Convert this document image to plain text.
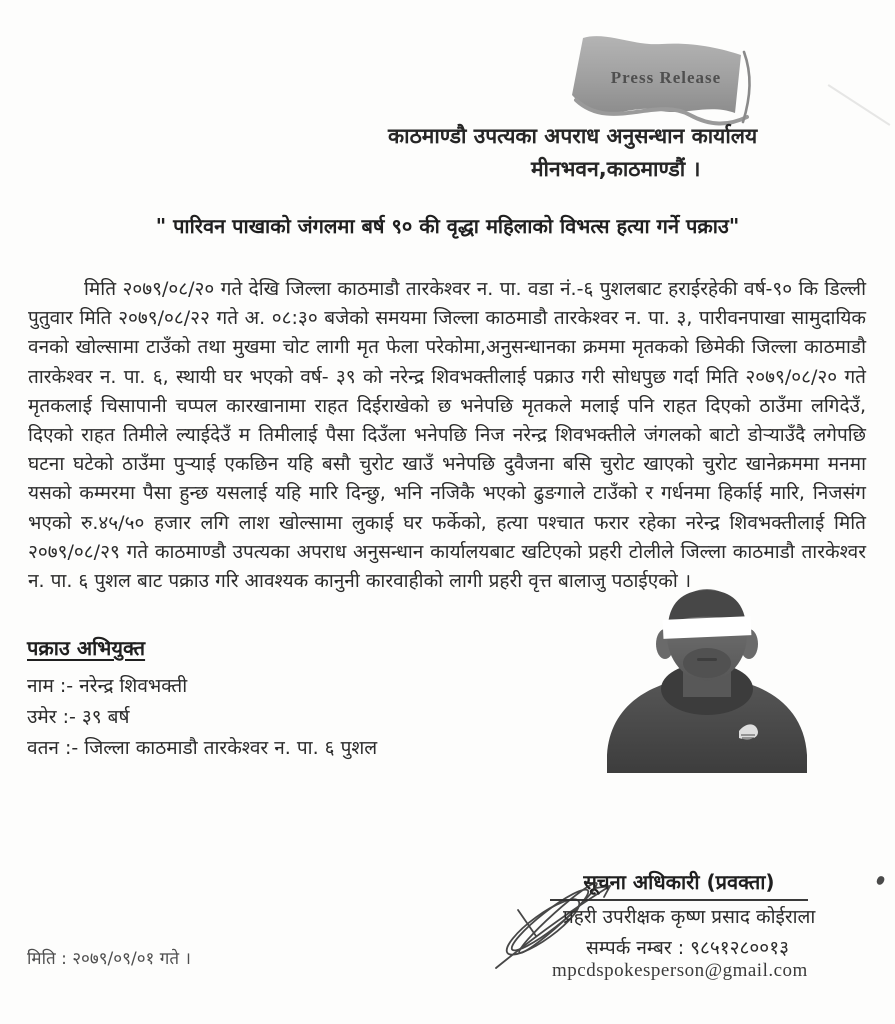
Press Release
काठमाण्डौ उपत्यका अपराध अनुसन्धान कार्यालय
मीनभवन,काठमाण्डौं ।
" पारिवन पाखाको जंगलमा बर्ष ९० की वृद्धा महिलाको विभत्स हत्या गर्ने पक्राउ"

मिति २०७९/०८/२० गते देखि जिल्ला काठमाडौ तारकेश्वर न. पा. वडा नं.-६ पुशलबाट हराईरहेकी वर्ष-९० कि डिल्ली पुतुवार मिति २०७९/०८/२२ गते अ. ०८:३० बजेको समयमा जिल्ला काठमाडौ तारकेश्वर न. पा. ३, पारीवनपाखा सामुदायिक वनको खोल्सामा टाउँको तथा मुखमा चोट लागी मृत फेला परेकोमा,अनुसन्धानका क्रममा मृतकको छिमेकी जिल्ला काठमाडौ तारकेश्वर न. पा. ६, स्थायी घर भएको वर्ष- ३९ को नरेन्द्र शिवभक्तीलाई पक्राउ गरी सोधपुछ गर्दा मिति २०७९/०८/२० गते मृतकलाई चिसापानी चप्पल कारखानामा राहत दिईराखेको छ भनेपछि मृतकले मलाई पनि राहत दिएको ठाउँमा लगिदेउँ, दिएको राहत तिमीले ल्याईदेउँ म तिमीलाई पैसा दिउँला भनेपछि निज नरेन्द्र शिवभक्तीले जंगलको बाटो डोऱ्याउँदै लगेपछि घटना घटेको ठाउँमा पुऱ्याई एकछिन यहि बसौ चुरोट खाउँ भनेपछि दुवैजना बसि चुरोट खाएको चुरोट खानेक्रममा मनमा यसको कम्मरमा पैसा हुन्छ यसलाई यहि मारि दिन्छु, भनि नजिकै भएको ढुङगाले टाउँको र गर्धनमा हिर्काई मारि, निजसंग भएको रु.४५/५० हजार लगि लाश खोल्सामा लुकाई घर फर्केको, हत्या पश्चात फरार रहेका नरेन्द्र शिवभक्तीलाई मिति २०७९/०८/२९ गते काठमाण्डौ उपत्यका अपराध अनुसन्धान कार्यालयबाट खटिएको प्रहरी टोलीले जिल्ला काठमाडौ तारकेश्वर न. पा. ६ पुशल बाट पक्राउ गरि आवश्यक कानुनी कारवाहीको लागी प्रहरी वृत्त बालाजु पठाईएको ।

पक्राउ अभियुक्त
नाम :- नरेन्द्र शिवभक्ती
उमेर :- ३९ बर्ष
वतन :- जिल्ला काठमाडौ तारकेश्वर न. पा. ६ पुशल
सूचना अधिकारी (प्रवक्ता)
प्रहरी उपरीक्षक कृष्ण प्रसाद कोईराला
सम्पर्क नम्बर : ९८५१२८००१३
mpcdspokesperson@gmail.com
मिति : २०७९/०९/०१ गते ।
